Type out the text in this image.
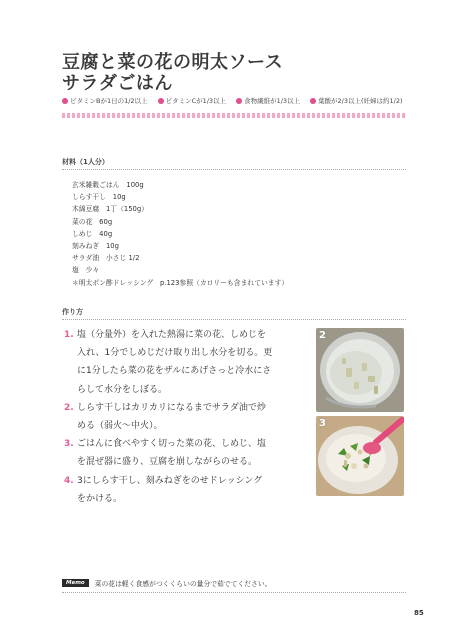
豆腐と菜の花の明太ソース
サラダごはん
ビタミンBが1日の1/2以上	ビタミンCが1/3以上	食物繊維が1/3以上	葉酸が2/3以上(妊婦は約1/2)
材料（1人分）
玄米雑穀ごはん　100g
しらす干し　10g
木綿豆腐　1丁（150g）
菜の花　60g
しめじ　40g
刻みねぎ　10g
サラダ油　小さじ 1/2
塩　少々
＊明太ポン酢ドレッシング　p.123参照（カロリーも含まれています）
作り方
1. 塩（分量外）を入れた熱湯に菜の花、しめじを
入れ、1分でしめじだけ取り出し水分を切る。更
に1分したら菜の花をザルにあげさっと冷水にさ
らして水分をしぼる。
2. しらす干しはカリカリになるまでサラダ油で炒
める（弱火〜中火）。
3. ごはんに食べやすく切った菜の花、しめじ、塩
を混ぜ器に盛り、豆腐を崩しながらのせる。
4. 3にしらす干し、刻みねぎをのせドレッシング
をかける。
2
3
Memo	菜の花は軽く食感がつくくらいの量分で茹でてください。
85
